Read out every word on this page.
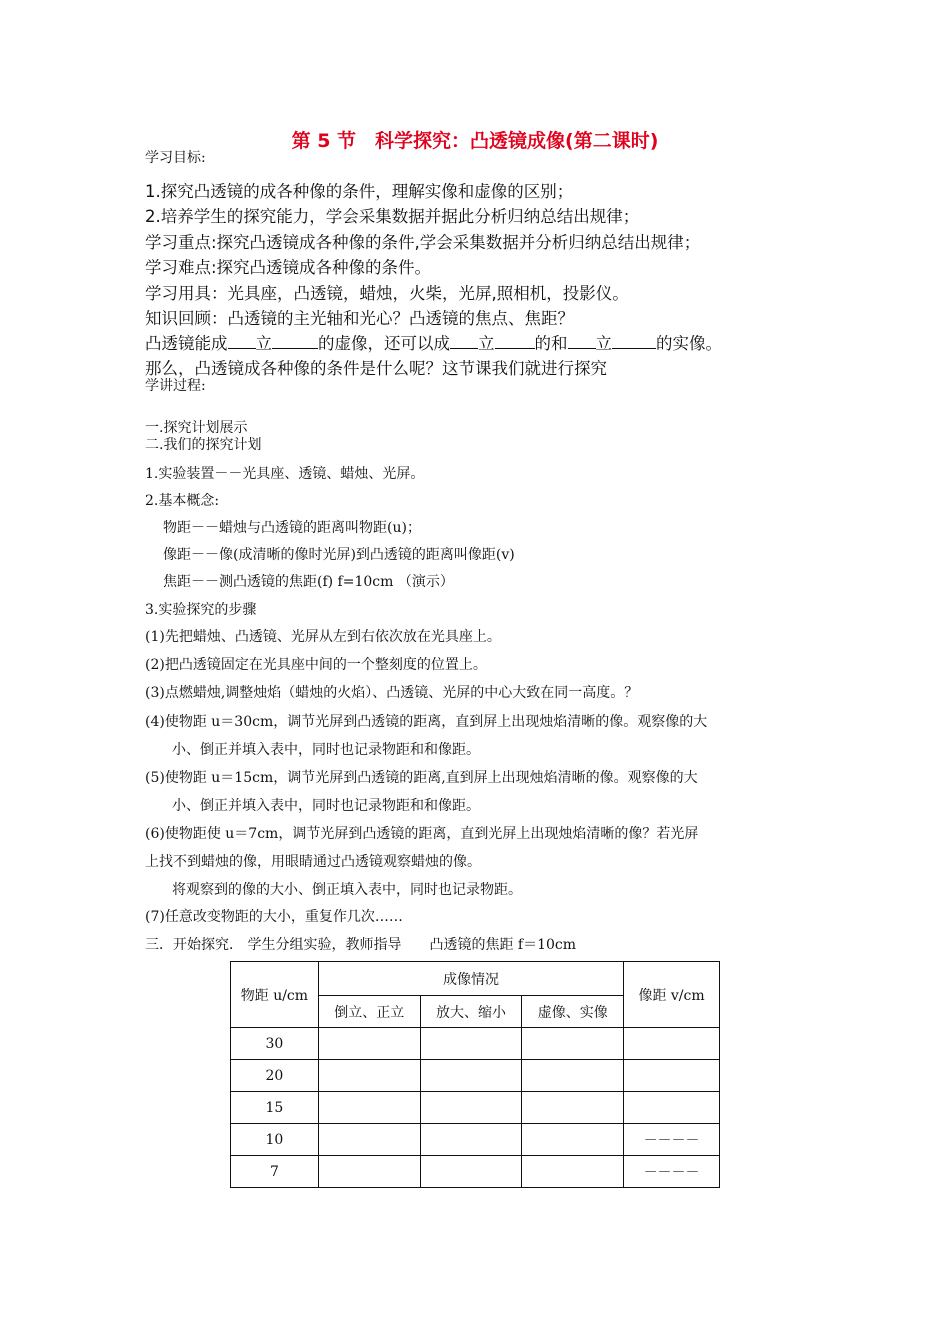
第 5 节　科学探究：凸透镜成像(第二课时)
学习目标:
1.探究凸透镜的成各种像的条件，理解实像和虚像的区别；
2.培养学生的探究能力，学会采集数据并据此分析归纳总结出规律；
学习重点:探究凸透镜成各种像的条件,学会采集数据并分析归纳总结出规律；
学习难点:探究凸透镜成各种像的条件。
学习用具：光具座，凸透镜，蜡烛，火柴，光屏,照相机，投影仪。
知识回顾：凸透镜的主光轴和光心？凸透镜的焦点、焦距？
凸透镜能成 立	的虚像，还可以成 立 的和 立	的实像。
那么，凸透镜成各种像的条件是什么呢？这节课我们就进行探究
学讲过程:
一.探究计划展示
二.我们的探究计划
1.实验装置－－光具座、透镜、蜡烛、光屏。
2.基本概念:
物距－－蜡烛与凸透镜的距离叫物距(u)；
像距－－像(成清晰的像时光屏)到凸透镜的距离叫像距(v)
焦距－－测凸透镜的焦距(f) f=10cm （演示）
3.实验探究的步骤
(1)先把蜡烛、凸透镜、光屏从左到右依次放在光具座上。
(2)把凸透镜固定在光具座中间的一个整刻度的位置上。
(3)点燃蜡烛,调整烛焰（蜡烛的火焰）、凸透镜、光屏的中心大致在同一高度。？
(4)使物距 u＝30cm，调节光屏到凸透镜的距离，直到屏上出现烛焰清晰的像。观察像的大
小、倒正并填入表中，同时也记录物距和和像距。
(5)使物距 u＝15cm，调节光屏到凸透镜的距离,直到屏上出现烛焰清晰的像。观察像的大
小、倒正并填入表中，同时也记录物距和和像距。
(6)使物距使 u＝7cm，调节光屏到凸透镜的距离，直到光屏上出现烛焰清晰的像？若光屏
上找不到蜡烛的像，用眼睛通过凸透镜观察蜡烛的像。
将观察到的像的大小、倒正填入表中，同时也记录物距。
(7)任意改变物距的大小，重复作几次……
三．开始探究． 学生分组实验，教师指导　　凸透镜的焦距 f＝10cm
物距 u/cm	成像情况			像距 v/cm
	倒立、正立	放大、缩小	虚像、实像	
30				
20				
15				
10				－－－－
7				－－－－
